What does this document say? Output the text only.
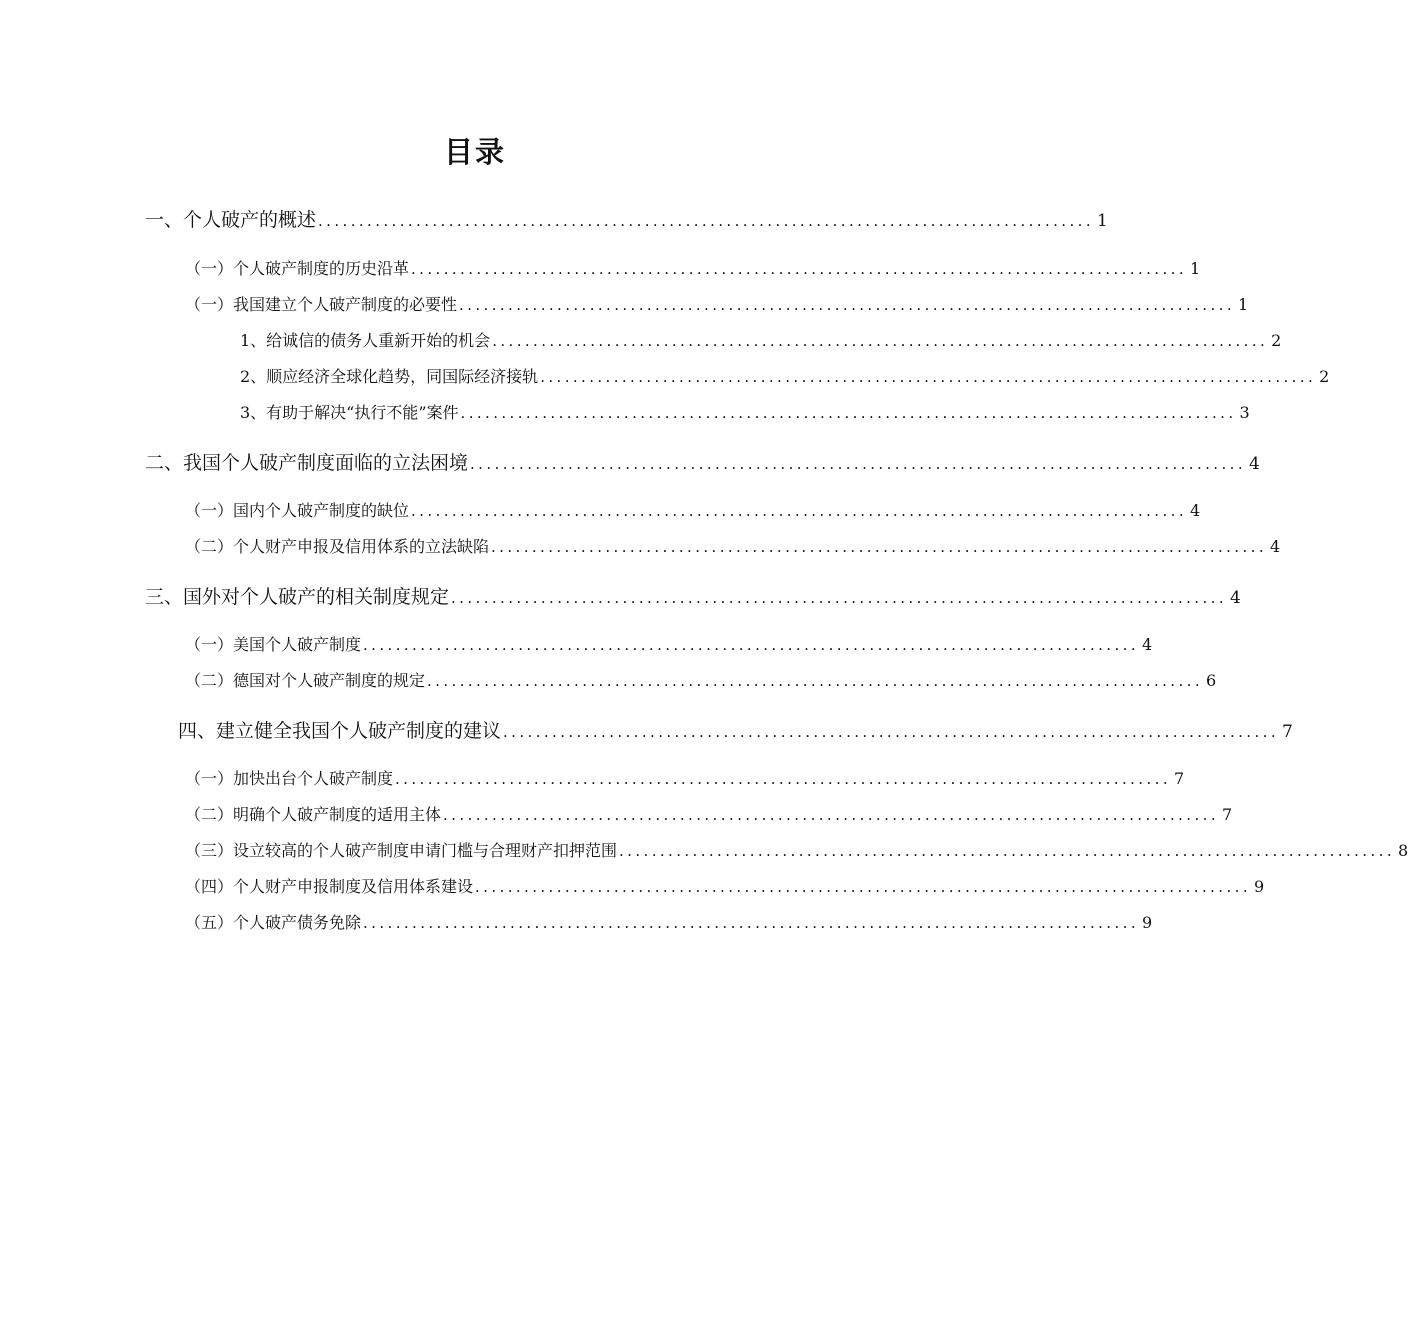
目录
一、个人破产的概述 ............................................................................................... 1
（一）个人破产制度的历史沿革 ............................................................................................... 1
（一）我国建立个人破产制度的必要性 ............................................................................................... 1
1、给诚信的债务人重新开始的机会 ............................................................................................... 2
2、顺应经济全球化趋势，同国际经济接轨 ............................................................................................... 2
3、有助于解决“执行不能”案件 ............................................................................................... 3
二、我国个人破产制度面临的立法困境 ............................................................................................... 4
（一）国内个人破产制度的缺位 ............................................................................................... 4
（二）个人财产申报及信用体系的立法缺陷 ............................................................................................... 4
三、国外对个人破产的相关制度规定 ............................................................................................... 4
（一）美国个人破产制度 ............................................................................................... 4
（二）德国对个人破产制度的规定 ............................................................................................... 6
四、建立健全我国个人破产制度的建议 ............................................................................................... 7
（一）加快出台个人破产制度 ............................................................................................... 7
（二）明确个人破产制度的适用主体 ............................................................................................... 7
（三）设立较高的个人破产制度申请门槛与合理财产扣押范围 ............................................................................................... 8
（四）个人财产申报制度及信用体系建设 ............................................................................................... 9
（五）个人破产债务免除 ............................................................................................... 9
